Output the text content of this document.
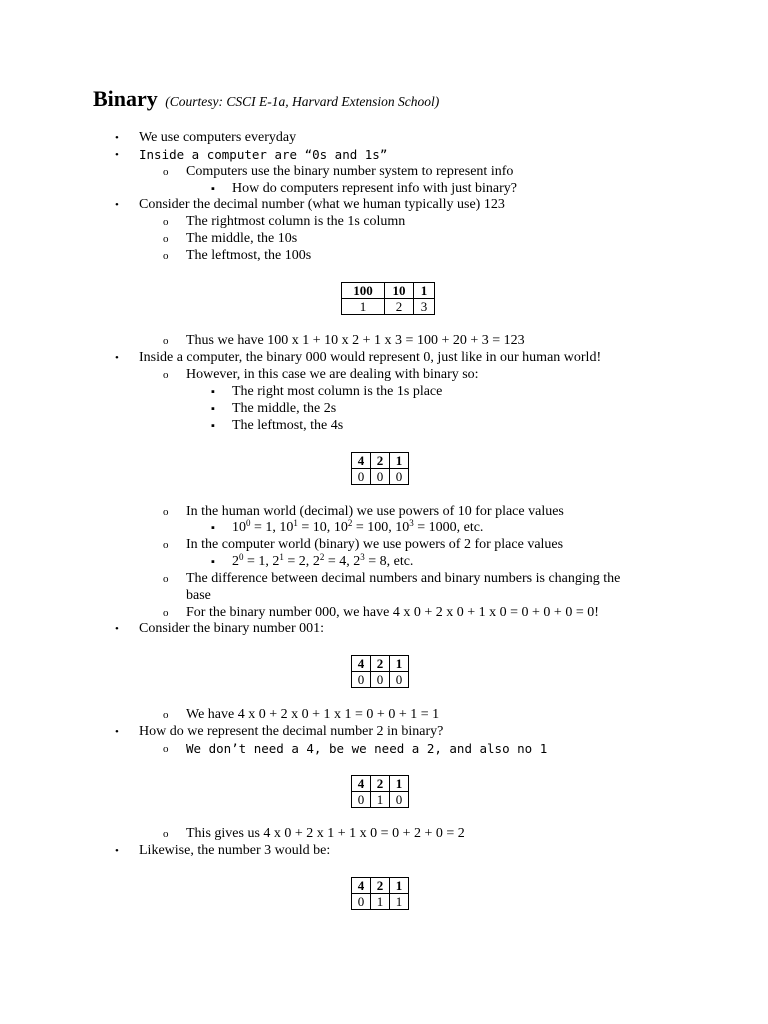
Binary (Courtesy: CSCI E-1a, Harvard Extension School)
• We use computers everyday
• Inside a computer are “0s and 1s”
o Computers use the binary number system to represent info
▪ How do computers represent info with just binary?
• Consider the decimal number (what we human typically use) 123
o The rightmost column is the 1s column
o The middle, the 10s
o The leftmost, the 100s
100	10	1
1	2	3
o Thus we have 100 x 1 + 10 x 2 + 1 x 3 = 100 + 20 + 3 = 123
• Inside a computer, the binary 000 would represent 0, just like in our human world!
o However, in this case we are dealing with binary so:
▪ The right most column is the 1s place
▪ The middle, the 2s
▪ The leftmost, the 4s
4	2	1
0	0	0
o In the human world (decimal) we use powers of 10 for place values
▪ $10^0 = 1$, $10^1 = 10$, $10^2 = 100$, $10^3 = 1000$, etc.
o In the computer world (binary) we use powers of 2 for place values
▪ $2^0 = 1$, $2^1 = 2$, $2^2 = 4$, $2^3 = 8$, etc.
o The difference between decimal numbers and binary numbers is changing the
base
o For the binary number 000, we have 4 x 0 + 2 x 0 + 1 x 0 = 0 + 0 + 0 = 0!
• Consider the binary number 001:
4	2	1
0	0	0
o We have 4 x 0 + 2 x 0 + 1 x 1 = 0 + 0 + 1 = 1
• How do we represent the decimal number 2 in binary?
o We don’t need a 4, be we need a 2, and also no 1
4	2	1
0	1	0
o This gives us 4 x 0 + 2 x 1 + 1 x 0 = 0 + 2 + 0 = 2
• Likewise, the number 3 would be:
4	2	1
0	1	1
